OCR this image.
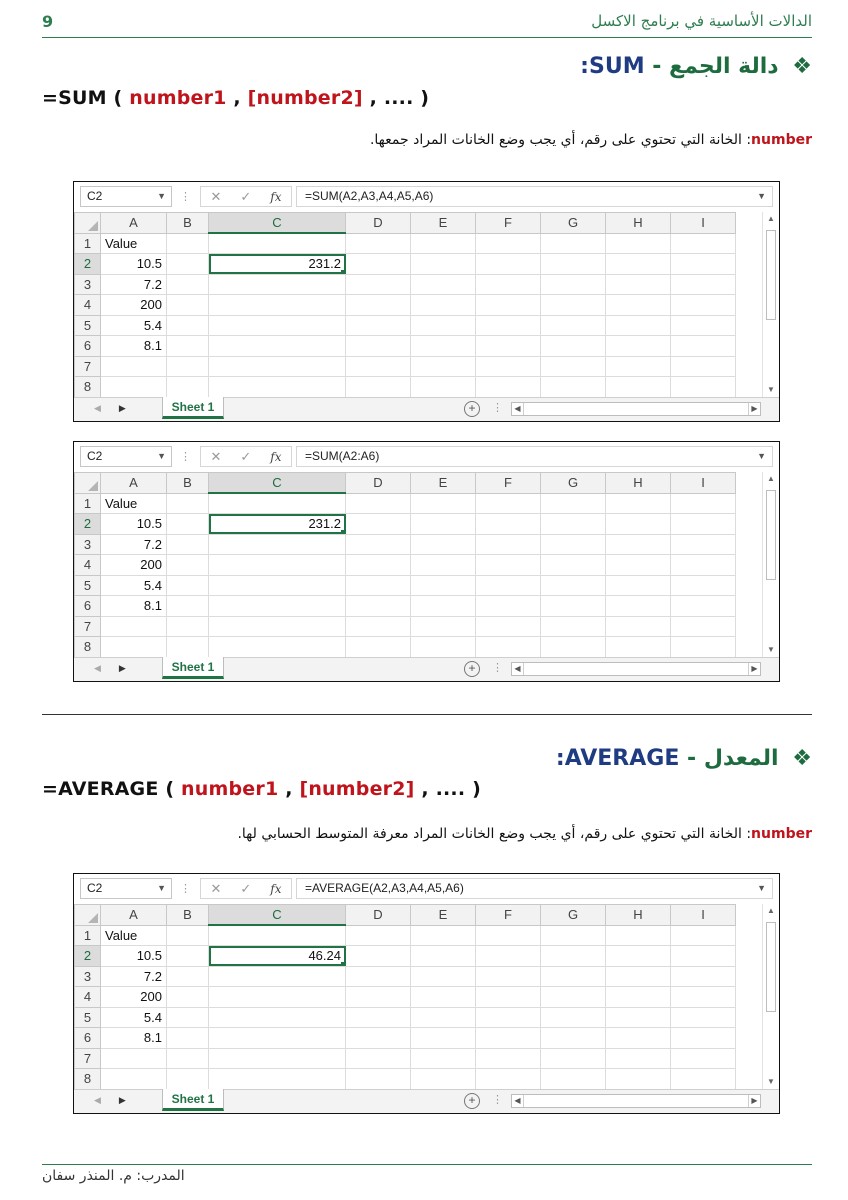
9	الدالات الأساسية في برنامج الاكسل
❖ دالة الجمع - SUM:
=SUM ( number1 , [number2] , .... )
number: الخانة التي تحتوي على رقم، أي يجب وضع الخانات المراد جمعها.
C2	▼ ⋮ ✕ ✓ fx	=SUM(A2,A3,A4,A5,A6)	▼
	A	B	C	D	E	F	G	H	I
1	Value								
2	10.5		231.2						
3	7.2								
4	200								
5	5.4								
6	8.1								
7									
8									
▲
▼
◀ ▶	Sheet 1	+	⋮	◀	▶
C2	▼ ⋮ ✕ ✓ fx	=SUM(A2:A6)	▼
	A	B	C	D	E	F	G	H	I
1	Value								
2	10.5		231.2						
3	7.2								
4	200								
5	5.4								
6	8.1								
7									
8									
▲
▼
◀ ▶	Sheet 1	+	⋮	◀	▶
❖ المعدل - AVERAGE:
=AVERAGE ( number1 , [number2] , .... )
number: الخانة التي تحتوي على رقم، أي يجب وضع الخانات المراد معرفة المتوسط الحسابي لها.
C2	▼ ⋮ ✕ ✓ fx	=AVERAGE(A2,A3,A4,A5,A6)	▼
	A	B	C	D	E	F	G	H	I
1	Value								
2	10.5		46.24						
3	7.2								
4	200								
5	5.4								
6	8.1								
7									
8									
▲
▼
◀ ▶	Sheet 1	+	⋮	◀	▶
المدرب: م. المنذر سفان
